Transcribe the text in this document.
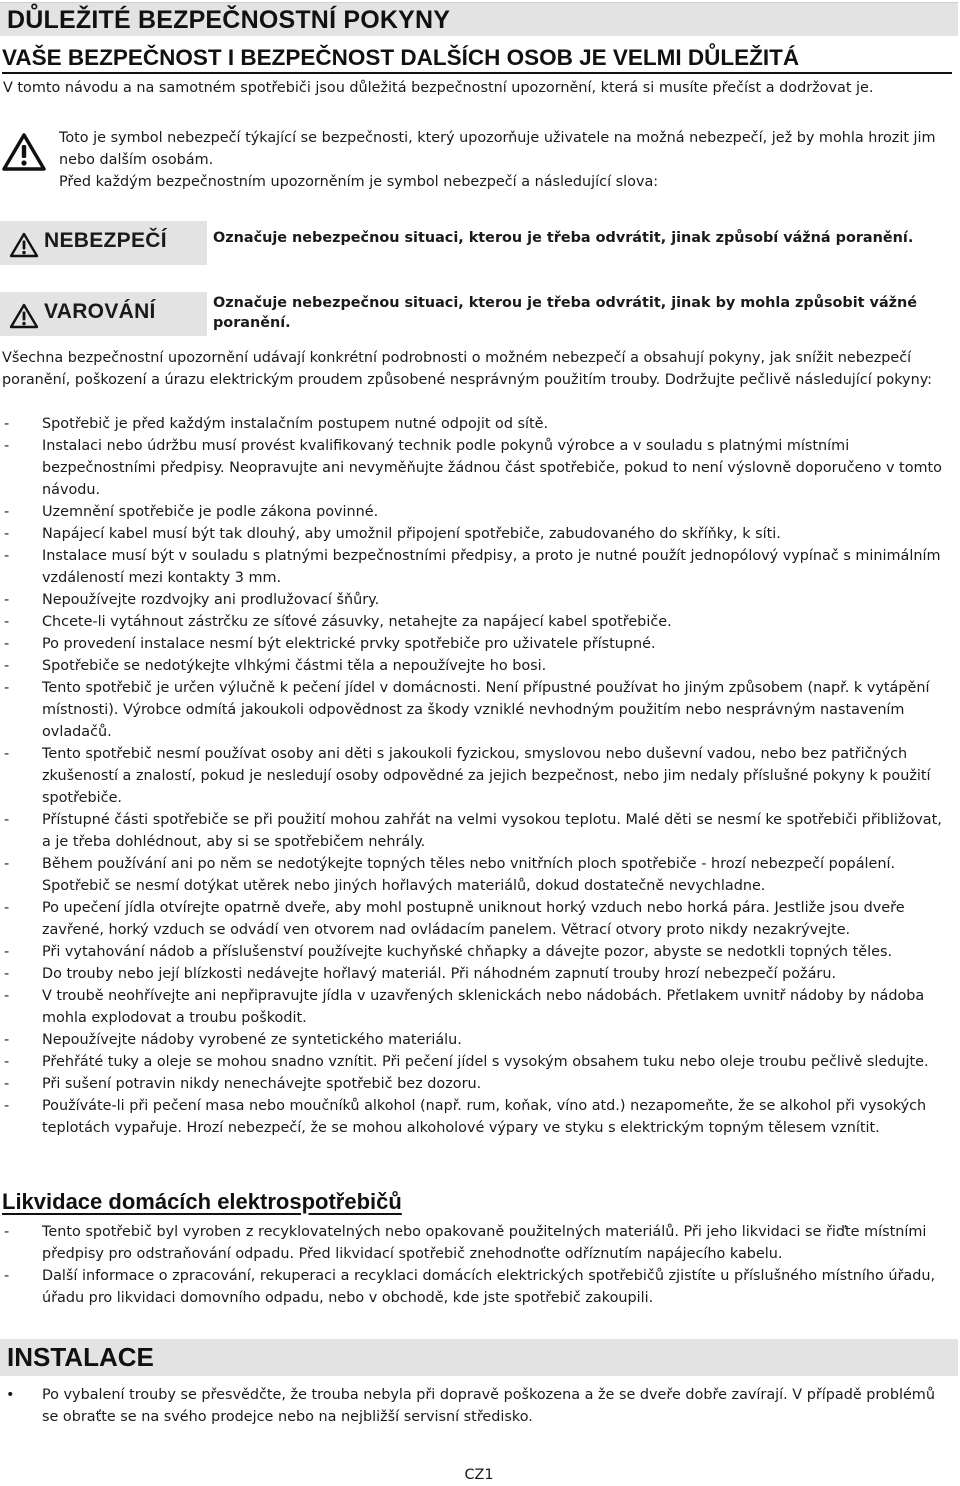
DŮLEŽITÉ BEZPEČNOSTNÍ POKYNY
VAŠE BEZPEČNOST I BEZPEČNOST DALŠÍCH OSOB JE VELMI DŮLEŽITÁ
V tomto návodu a na samotném spotřebiči jsou důležitá bezpečnostní upozornění, která si musíte přečíst a dodržovat je.
Toto je symbol nebezpečí týkající se bezpečnosti, který upozorňuje uživatele na možná nebezpečí, jež by mohla hrozit jim nebo dalším osobám.
Před každým bezpečnostním upozorněním je symbol nebezpečí a následující slova:
NEBEZPEČÍ	Označuje nebezpečnou situaci, kterou je třeba odvrátit, jinak způsobí vážná poranění.
VAROVÁNÍ	Označuje nebezpečnou situaci, kterou je třeba odvrátit, jinak by mohla způsobit vážné poranění.
Všechna bezpečnostní upozornění udávají konkrétní podrobnosti o možném nebezpečí a obsahují pokyny, jak snížit nebezpečí poranění, poškození a úrazu elektrickým proudem způsobené nesprávným použitím trouby. Dodržujte pečlivě následující pokyny:
- Spotřebič je před každým instalačním postupem nutné odpojit od sítě.
- Instalaci nebo údržbu musí provést kvalifikovaný technik podle pokynů výrobce a v souladu s platnými místními bezpečnostními předpisy. Neopravujte ani nevyměňujte žádnou část spotřebiče, pokud to není výslovně doporučeno v tomto návodu.
- Uzemnění spotřebiče je podle zákona povinné.
- Napájecí kabel musí být tak dlouhý, aby umožnil připojení spotřebiče, zabudovaného do skříňky, k síti.
- Instalace musí být v souladu s platnými bezpečnostními předpisy, a proto je nutné použít jednopólový vypínač s minimálním vzdáleností mezi kontakty 3 mm.
- Nepoužívejte rozdvojky ani prodlužovací šňůry.
- Chcete-li vytáhnout zástrčku ze síťové zásuvky, netahejte za napájecí kabel spotřebiče.
- Po provedení instalace nesmí být elektrické prvky spotřebiče pro uživatele přístupné.
- Spotřebiče se nedotýkejte vlhkými částmi těla a nepoužívejte ho bosi.
- Tento spotřebič je určen výlučně k pečení jídel v domácnosti. Není přípustné používat ho jiným způsobem (např. k vytápění místnosti). Výrobce odmítá jakoukoli odpovědnost za škody vzniklé nevhodným použitím nebo nesprávným nastavením ovladačů.
- Tento spotřebič nesmí používat osoby ani děti s jakoukoli fyzickou, smyslovou nebo duševní vadou, nebo bez patřičných zkušeností a znalostí, pokud je nesledují osoby odpovědné za jejich bezpečnost, nebo jim nedaly příslušné pokyny k použití spotřebiče.
- Přístupné části spotřebiče se při použití mohou zahřát na velmi vysokou teplotu. Malé děti se nesmí ke spotřebiči přibližovat, a je třeba dohlédnout, aby si se spotřebičem nehrály.
- Během používání ani po něm se nedotýkejte topných těles nebo vnitřních ploch spotřebiče - hrozí nebezpečí popálení. Spotřebič se nesmí dotýkat utěrek nebo jiných hořlavých materiálů, dokud dostatečně nevychladne.
- Po upečení jídla otvírejte opatrně dveře, aby mohl postupně uniknout horký vzduch nebo horká pára. Jestliže jsou dveře zavřené, horký vzduch se odvádí ven otvorem nad ovládacím panelem. Větrací otvory proto nikdy nezakrývejte.
- Při vytahování nádob a příslušenství používejte kuchyňské chňapky a dávejte pozor, abyste se nedotkli topných těles.
- Do trouby nebo její blízkosti nedávejte hořlavý materiál. Při náhodném zapnutí trouby hrozí nebezpečí požáru.
- V troubě neohřívejte ani nepřipravujte jídla v uzavřených sklenickách nebo nádobách. Přetlakem uvnitř nádoby by nádoba mohla explodovat a troubu poškodit.
- Nepoužívejte nádoby vyrobené ze syntetického materiálu.
- Přehřáté tuky a oleje se mohou snadno vznítit. Při pečení jídel s vysokým obsahem tuku nebo oleje troubu pečlivě sledujte.
- Při sušení potravin nikdy nenechávejte spotřebič bez dozoru.
- Používáte-li při pečení masa nebo moučníků alkohol (např. rum, koňak, víno atd.) nezapomeňte, že se alkohol při vysokých teplotách vypařuje. Hrozí nebezpečí, že se mohou alkoholové výpary ve styku s elektrickým topným tělesem vznítit.
Likvidace domácích elektrospotřebičů
- Tento spotřebič byl vyroben z recyklovatelných nebo opakovaně použitelných materiálů. Při jeho likvidaci se řiďte místními předpisy pro odstraňování odpadu. Před likvidací spotřebič znehodnoťte odříznutím napájecího kabelu.
- Další informace o zpracování, rekuperaci a recyklaci domácích elektrických spotřebičů zjistíte u příslušného místního úřadu, úřadu pro likvidaci domovního odpadu, nebo v obchodě, kde jste spotřebič zakoupili.
INSTALACE
• Po vybalení trouby se přesvědčte, že trouba nebyla při dopravě poškozena a že se dveře dobře zavírají. V případě problémů se obraťte se na svého prodejce nebo na nejbližší servisní středisko.
CZ1
